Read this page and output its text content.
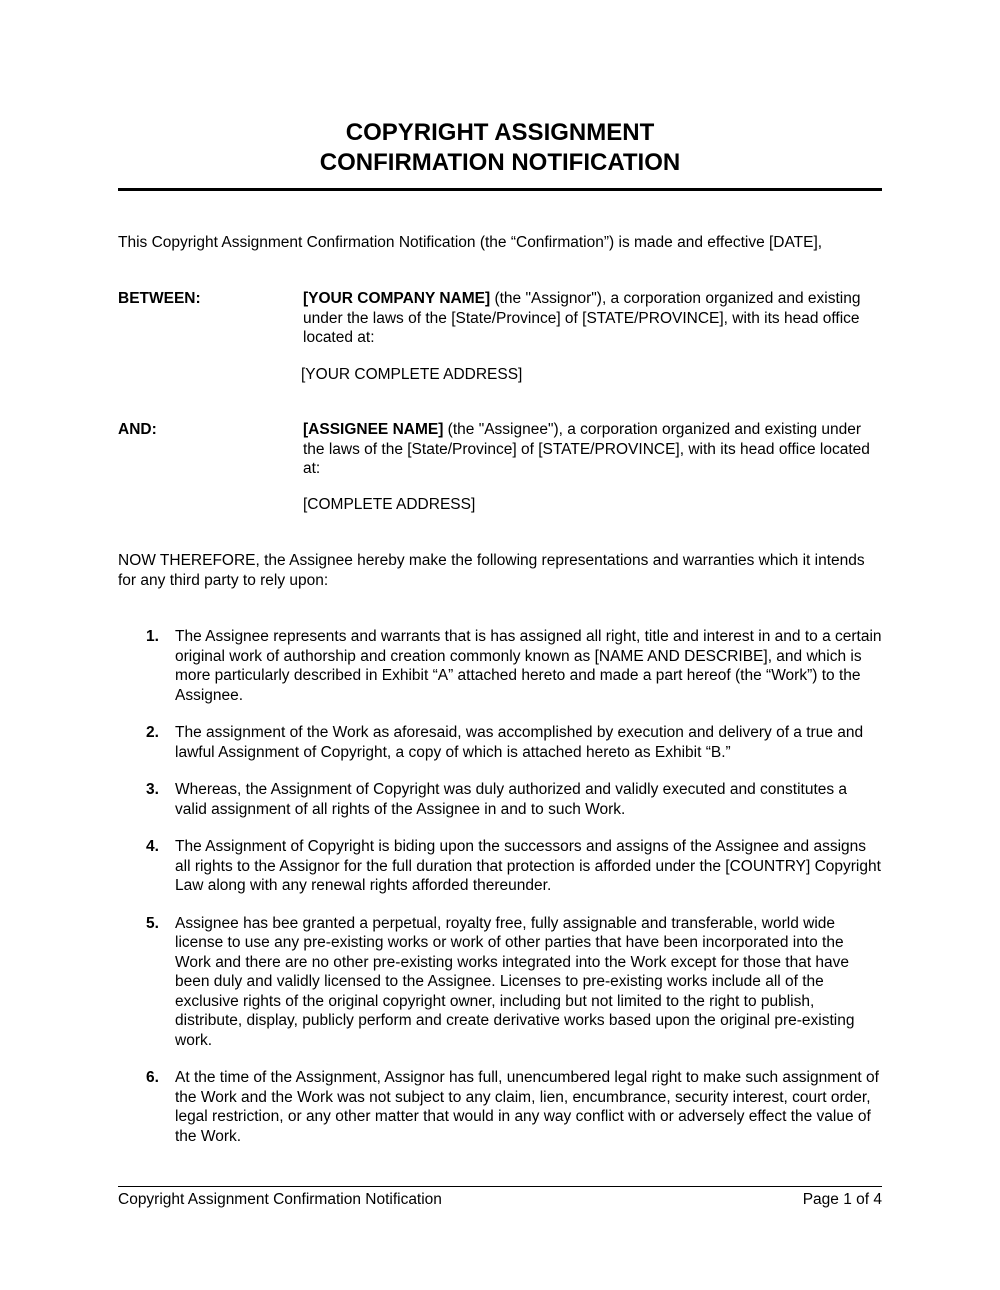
COPYRIGHT ASSIGNMENT
CONFIRMATION NOTIFICATION
This Copyright Assignment Confirmation Notification (the “Confirmation”) is made and effective [DATE],
BETWEEN:	[YOUR COMPANY NAME] (the "Assignor"), a corporation organized and existing under the laws of the [State/Province] of [STATE/PROVINCE], with its head office located at:
[YOUR COMPLETE ADDRESS]
AND:	[ASSIGNEE NAME] (the "Assignee"), a corporation organized and existing under the laws of the [State/Province] of [STATE/PROVINCE], with its head office located at:
[COMPLETE ADDRESS]
NOW THEREFORE, the Assignee hereby make the following representations and warranties which it intends for any third party to rely upon:
1. The Assignee represents and warrants that is has assigned all right, title and interest in and to a certain original work of authorship and creation commonly known as [NAME AND DESCRIBE], and which is more particularly described in Exhibit “A” attached hereto and made a part hereof (the “Work”) to the Assignee.
2. The assignment of the Work as aforesaid, was accomplished by execution and delivery of a true and lawful Assignment of Copyright, a copy of which is attached hereto as Exhibit “B.”
3. Whereas, the Assignment of Copyright was duly authorized and validly executed and constitutes a valid assignment of all rights of the Assignee in and to such Work.
4. The Assignment of Copyright is biding upon the successors and assigns of the Assignee and assigns all rights to the Assignor for the full duration that protection is afforded under the [COUNTRY] Copyright Law along with any renewal rights afforded thereunder.
5. Assignee has bee granted a perpetual, royalty free, fully assignable and transferable, world wide license to use any pre-existing works or work of other parties that have been incorporated into the Work and there are no other pre-existing works integrated into the Work except for those that have been duly and validly licensed to the Assignee. Licenses to pre-existing works include all of the exclusive rights of the original copyright owner, including but not limited to the right to publish, distribute, display, publicly perform and create derivative works based upon the original pre-existing work.
6. At the time of the Assignment, Assignor has full, unencumbered legal right to make such assignment of the Work and the Work was not subject to any claim, lien, encumbrance, security interest, court order, legal restriction, or any other matter that would in any way conflict with or adversely effect the value of the Work.
Copyright Assignment Confirmation Notification	Page 1 of 4
